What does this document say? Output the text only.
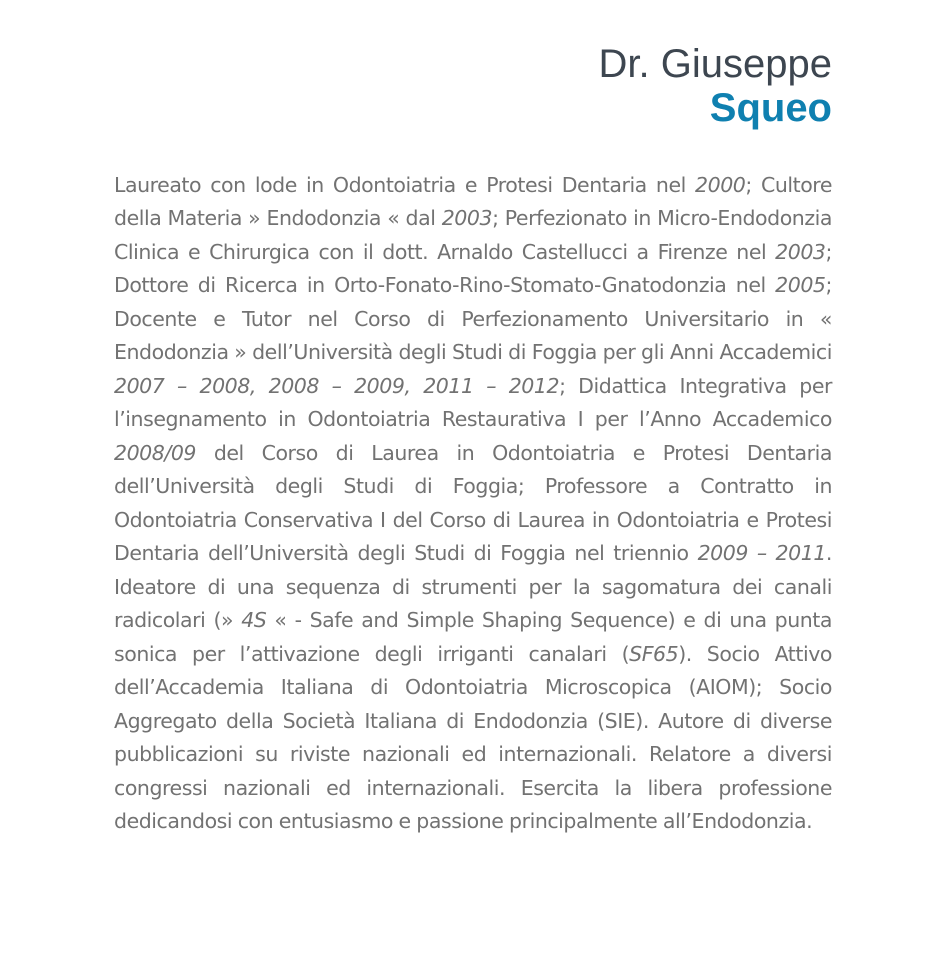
Dr. Giuseppe
Squeo

Laureato con lode in Odontoiatria e Protesi Dentaria nel 2000; Cultore della Materia » Endodonzia « dal 2003; Perfezionato in Micro-Endodonzia Clinica e Chirurgica con il dott. Arnaldo Castellucci a Firenze nel 2003; Dottore di Ricerca in Orto-Fonato-Rino-Stomato-Gnatodonzia nel 2005; Docente e Tutor nel Corso di Perfezionamento Universitario in « Endodonzia » dell’Università degli Studi di Foggia per gli Anni Accademici 2007 – 2008, 2008 – 2009, 2011 – 2012; Didattica Integrativa per l’insegnamento in Odontoiatria Restaurativa I per l’Anno Accademico 2008/09 del Corso di Laurea in Odontoiatria e Protesi Dentaria dell’Università degli Studi di Foggia; Professore a Contratto in Odontoiatria Conservativa I del Corso di Laurea in Odontoiatria e Protesi Dentaria dell’Università degli Studi di Foggia nel triennio 2009 – 2011. Ideatore di una sequenza di strumenti per la sagomatura dei canali radicolari (» 4S « - Safe and Simple Shaping Sequence) e di una punta sonica per l’attivazione degli irriganti canalari (SF65). Socio Attivo dell’Accademia Italiana di Odontoiatria Microscopica (AIOM); Socio Aggregato della Società Italiana di Endodonzia (SIE). Autore di diverse pubblicazioni su riviste nazionali ed internazionali. Relatore a diversi congressi nazionali ed internazionali. Esercita la libera professione dedicandosi con entusiasmo e passione principalmente all’Endodonzia.
